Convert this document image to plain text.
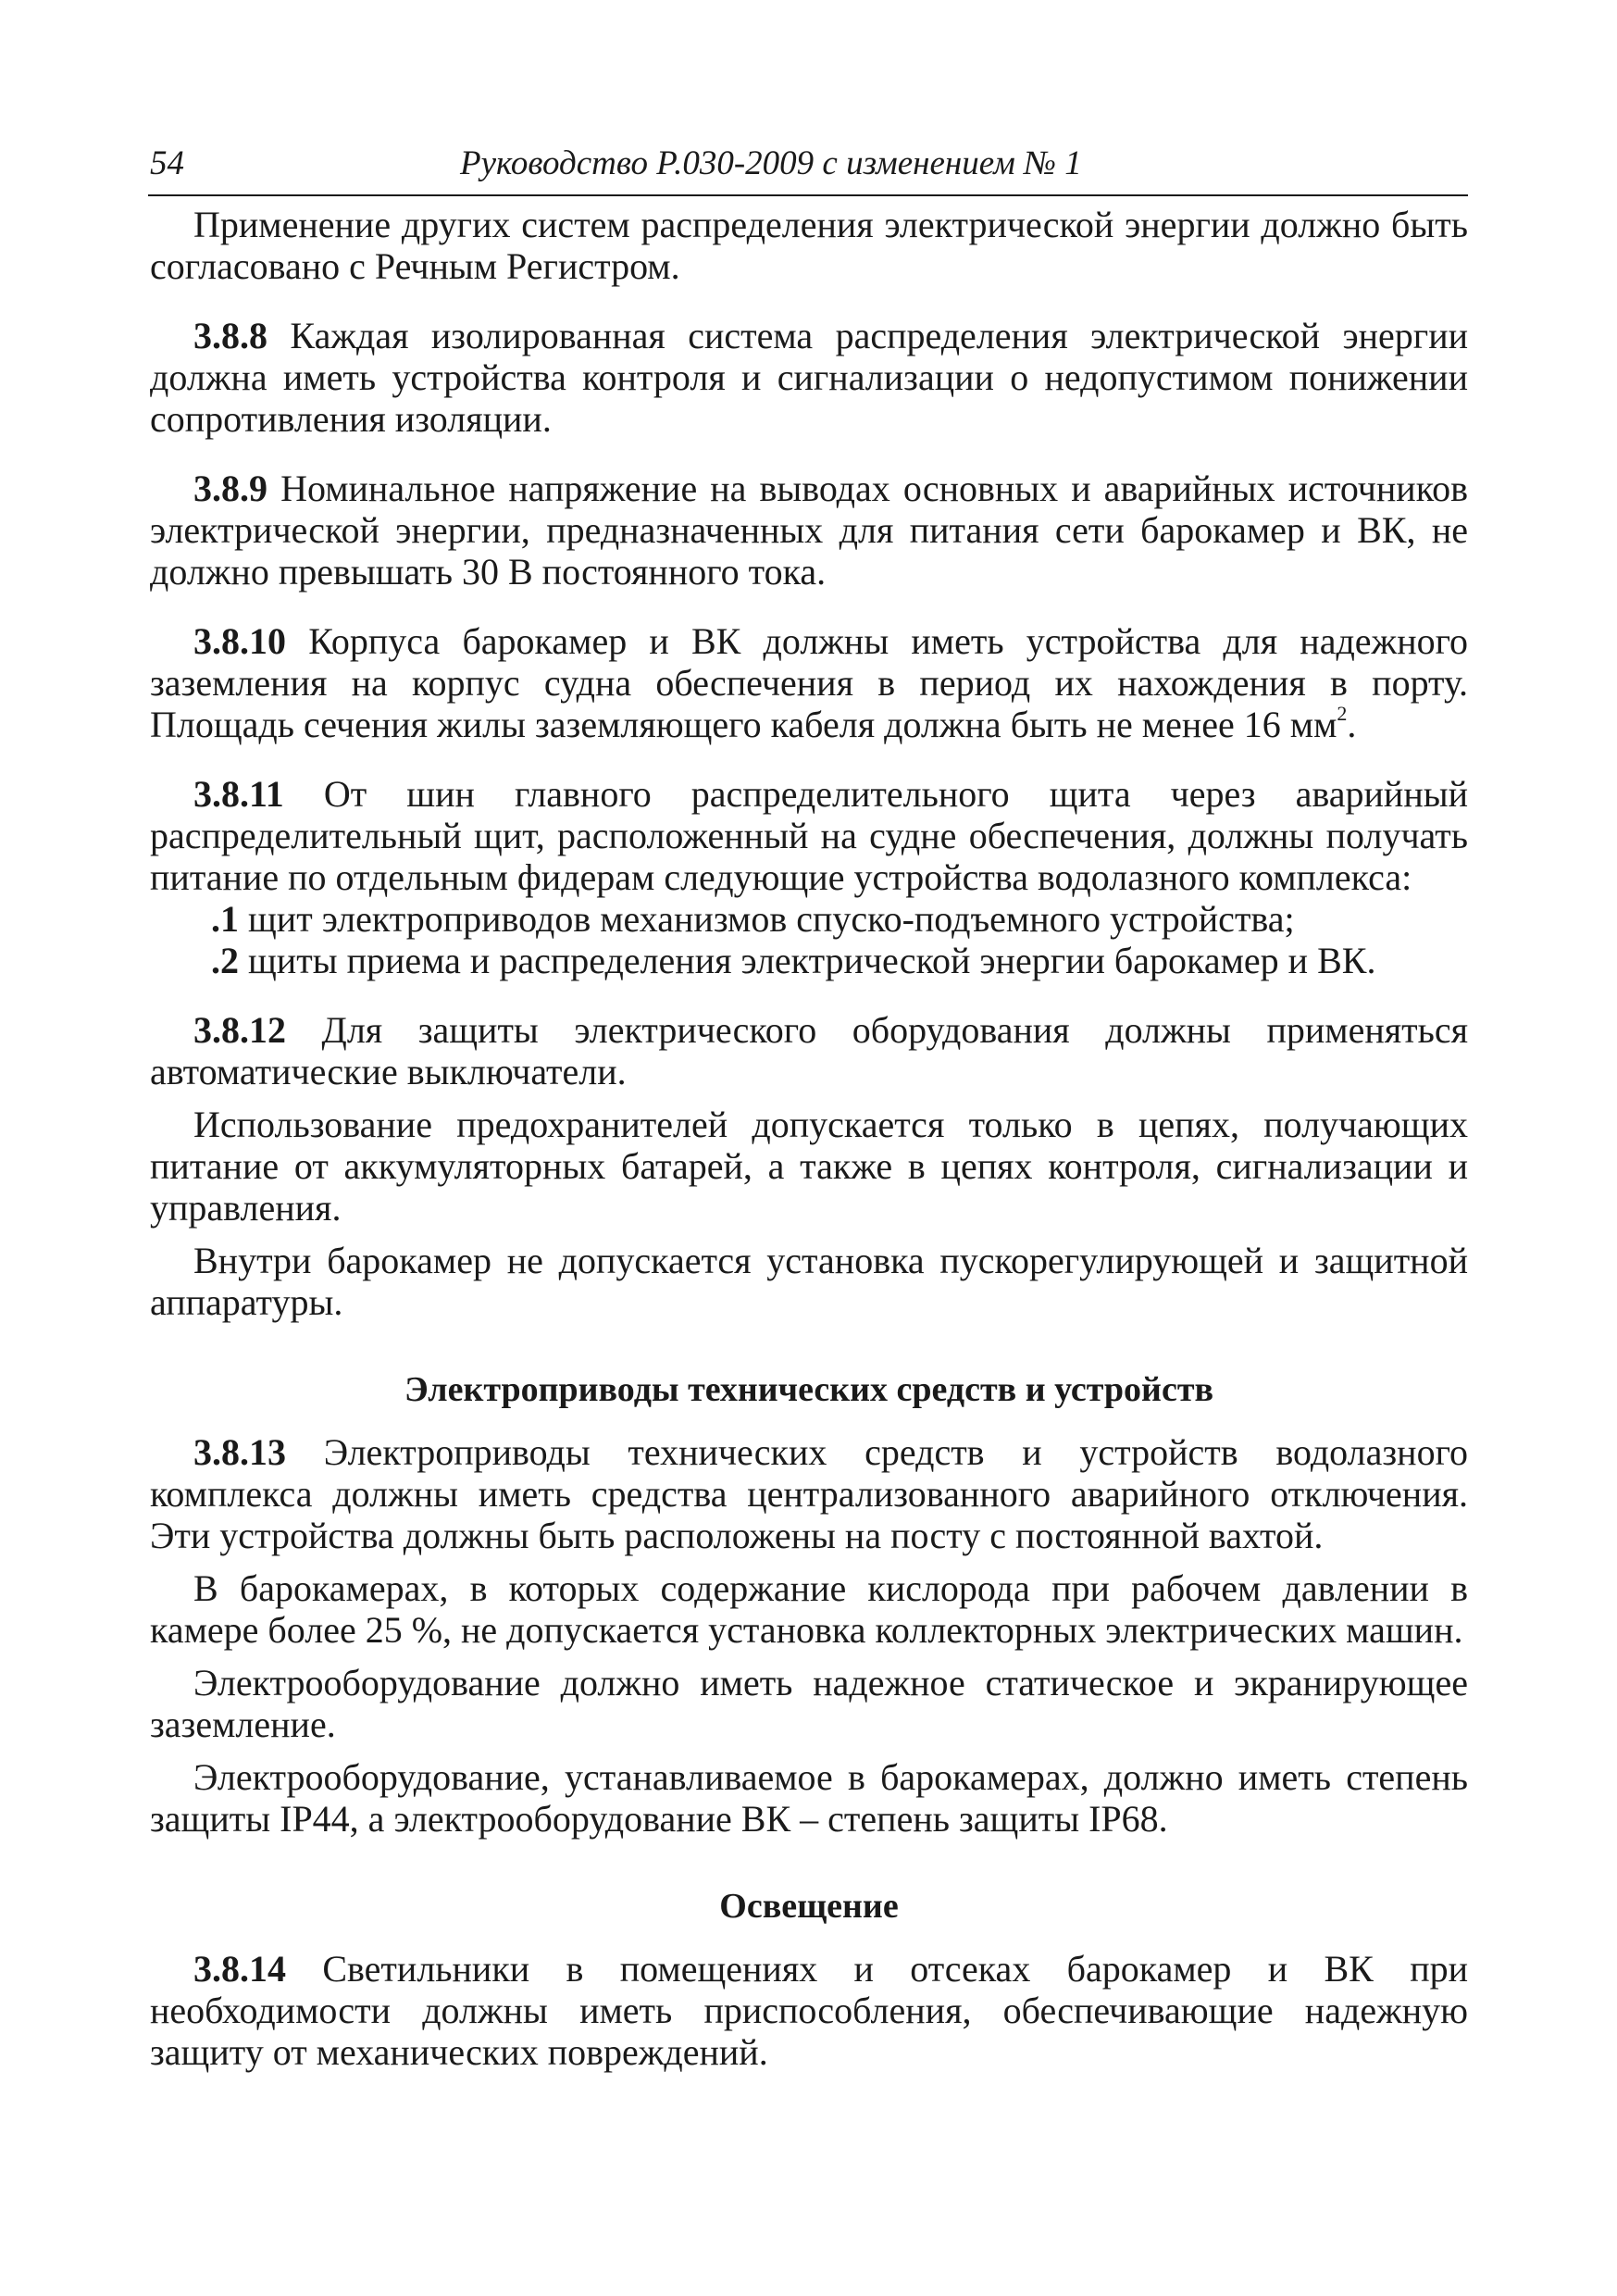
54	Руководство Р.030-2009 с изменением № 1

Применение других систем распределения электрической энергии должно быть согласовано с Речным Регистром.

3.8.8 Каждая изолированная система распределения электрической энергии должна иметь устройства контроля и сигнализации о недопустимом понижении сопротивления изоляции.

3.8.9 Номинальное напряжение на выводах основных и аварийных источников электрической энергии, предназначенных для питания сети барокамер и ВК, не должно превышать 30 В постоянного тока.

3.8.10 Корпуса барокамер и ВК должны иметь устройства для надежного заземления на корпус судна обеспечения в период их нахождения в порту. Площадь сечения жилы заземляющего кабеля должна быть не менее 16 $мм^2$.

3.8.11 От шин главного распределительного щита через аварийный распределительный щит, расположенный на судне обеспечения, должны получать питание по отдельным фидерам следующие устройства водолазного комплекса:

.1 щит электроприводов механизмов спуско-подъемного устройства;

.2 щиты приема и распределения электрической энергии барокамер и ВК.

3.8.12 Для защиты электрического оборудования должны применяться автоматические выключатели.

Использование предохранителей допускается только в цепях, получающих питание от аккумуляторных батарей, а также в цепях контроля, сигнализации и управления.

Внутри барокамер не допускается установка пускорегулирующей и защитной аппаратуры.

Электроприводы технических средств и устройств

3.8.13 Электроприводы технических средств и устройств водолазного комплекса должны иметь средства централизованного аварийного отключения. Эти устройства должны быть расположены на посту с постоянной вахтой.

В барокамерах, в которых содержание кислорода при рабочем давлении в камере более 25 %, не допускается установка коллекторных электрических машин.

Электрооборудование должно иметь надежное статическое и экранирующее заземление.

Электрооборудование, устанавливаемое в барокамерах, должно иметь степень защиты IP44, а электрооборудование ВК – степень защиты IP68.

Освещение

3.8.14 Светильники в помещениях и отсеках барокамер и ВК при необходимости должны иметь приспособления, обеспечивающие надежную защиту от механических повреждений.
